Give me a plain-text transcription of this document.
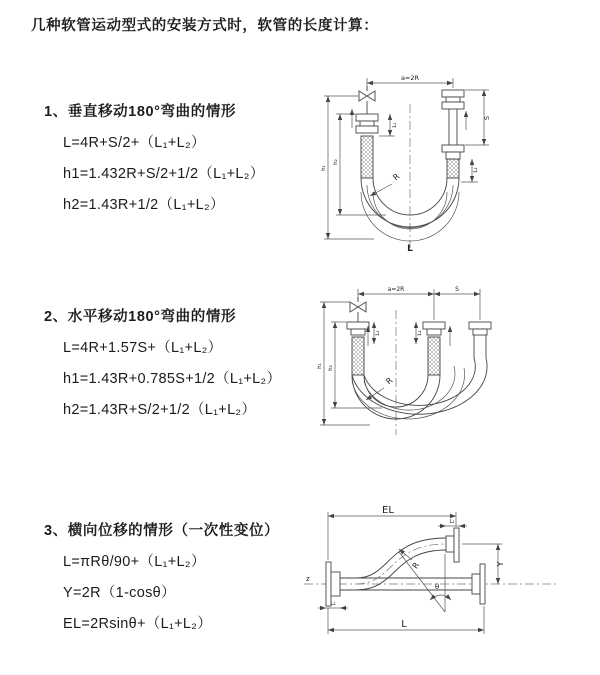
几种软管运动型式的安装方式时，软管的长度计算：
1、垂直移动180°弯曲的情形
L=4R+S/2+（L₁+L₂）
h1=1.432R+S/2+1/2（L₁+L₂）
h2=1.43R+1/2（L₁+L₂）
2、水平移动180°弯曲的情形
L=4R+1.57S+（L₁+L₂）
h1=1.43R+0.785S+1/2（L₁+L₂）
h2=1.43R+S/2+1/2（L₁+L₂）
3、横向位移的情形（一次性变位）
L=πRθ/90+（L₁+L₂）
Y=2R（1-cosθ）
EL=2Rsinθ+（L₁+L₂）
a=2R
h₁
h₂
L₁
S
L₂
R
L
a=2R	S
h₁ h₂
L₁	L₂
R
z
EL
L₁
Y
R
θ
L
L₂
